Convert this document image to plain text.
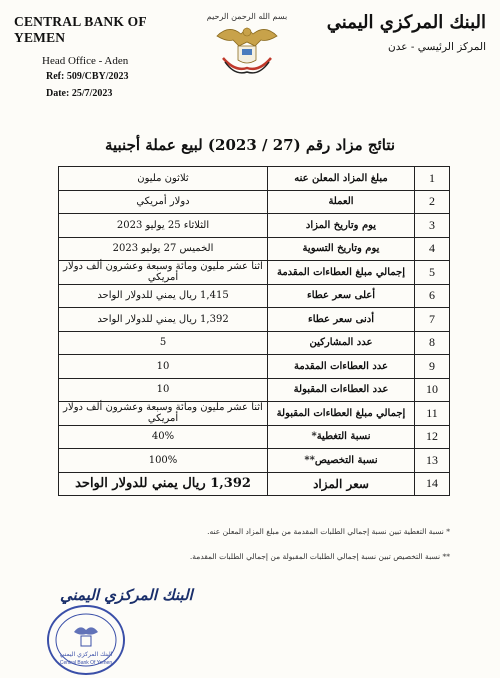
CENTRAL BANK OF YEMEN
Head Office - Aden
Ref: 509/CBY/2023
Date: 25/7/2023
بسم الله الرحمن الرحيم البنك المركزي اليمني
المركز الرئيسي - عدن
نتائج مزاد رقم (27 / 2023) لبيع عملة أجنبية
1	مبلغ المزاد المعلن عنه	ثلاثون مليون
2	العملة	دولار أمريكي
3	يوم وتاريخ المزاد	الثلاثاء 25 يوليو 2023
4	يوم وتاريخ التسوية	الخميس 27 يوليو 2023
5	إجمالي مبلغ العطاءات المقدمة	اثنا عشر مليون ومائة وسبعة وعشرون ألف دولار أمريكي
6	أعلى سعر عطاء	1,415 ريال يمني للدولار الواحد
7	أدنى سعر عطاء	1,392 ريال يمني للدولار الواحد
8	عدد المشاركين	5
9	عدد العطاءات المقدمة	10
10	عدد العطاءات المقبولة	10
11	إجمالي مبلغ العطاءات المقبولة	اثنا عشر مليون ومائة وسبعة وعشرون ألف دولار أمريكي
12	نسبة التغطية*	40%
13	نسبة التخصيص**	100%
14	سعر المزاد	1,392 ريال يمني للدولار الواحد
* نسبة التغطية تبين نسبة إجمالي الطلبات المقدمة من مبلغ المزاد المعلن عنه.
** نسبة التخصيص تبين نسبة إجمالي الطلبات المقبولة من إجمالي الطلبات المقدمة.
البنك المركزي اليمني
Central Bank Of Yemen
البنك المركزي اليمني
